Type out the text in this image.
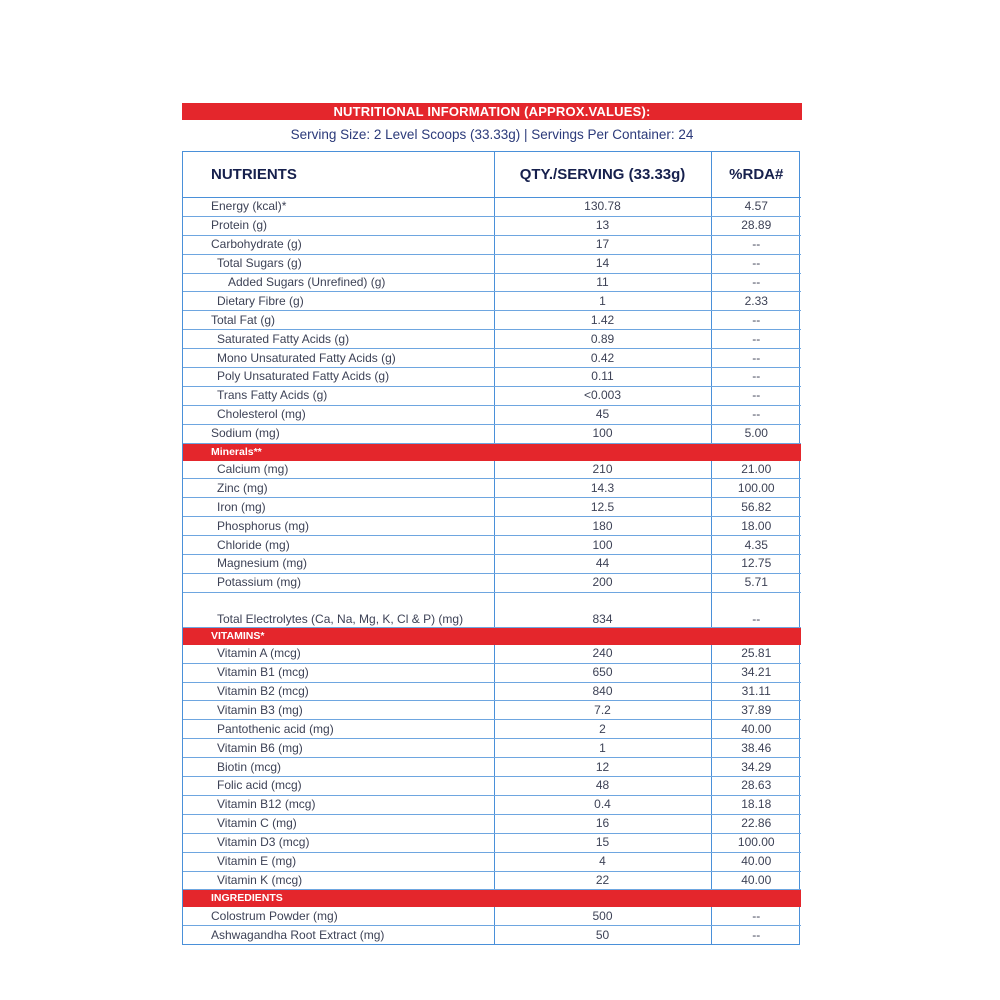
NUTRITIONAL INFORMATION (APPROX.VALUES):
Serving Size: 2 Level Scoops (33.33g) | Servings Per Container: 24
NUTRIENTS	QTY./SERVING (33.33g)	%RDA#
Energy (kcal)*	130.78	4.57
Protein (g)	13	28.89
Carbohydrate (g)	17	--
Total Sugars (g)	14	--
Added Sugars (Unrefined) (g)	11	--
Dietary Fibre (g)	1	2.33
Total Fat (g)	1.42	--
Saturated Fatty Acids (g)	0.89	--
Mono Unsaturated Fatty Acids (g)	0.42	--
Poly Unsaturated Fatty Acids (g)	0.11	--
Trans Fatty Acids (g)	<0.003	--
Cholesterol (mg)	45	--
Sodium (mg)	100	5.00
Minerals**		
Calcium (mg)	210	21.00
Zinc (mg)	14.3	100.00
Iron (mg)	12.5	56.82
Phosphorus (mg)	180	18.00
Chloride (mg)	100	4.35
Magnesium (mg)	44	12.75
Potassium (mg)	200	5.71
Total Electrolytes (Ca, Na, Mg, K, Cl & P) (mg)	834	--
VITAMINS*		
Vitamin A (mcg)	240	25.81
Vitamin B1 (mcg)	650	34.21
Vitamin B2 (mcg)	840	31.11
Vitamin B3 (mg)	7.2	37.89
Pantothenic acid (mg)	2	40.00
Vitamin B6 (mg)	1	38.46
Biotin (mcg)	12	34.29
Folic acid (mcg)	48	28.63
Vitamin B12 (mcg)	0.4	18.18
Vitamin C (mg)	16	22.86
Vitamin D3 (mcg)	15	100.00
Vitamin E (mg)	4	40.00
Vitamin K (mcg)	22	40.00
INGREDIENTS		
Colostrum Powder (mg)	500	--
Ashwagandha Root Extract (mg)	50	--
